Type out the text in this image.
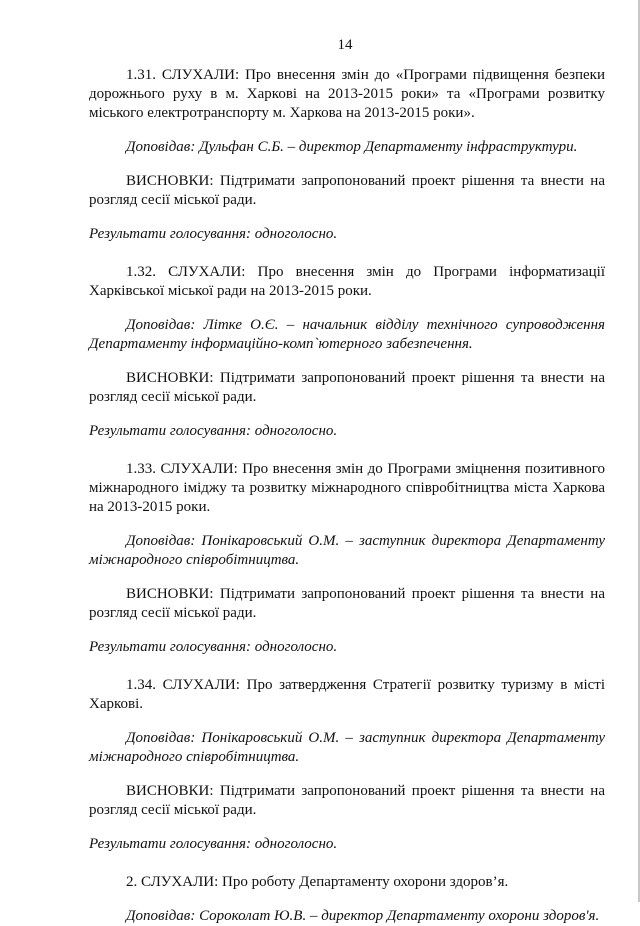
14

1.31. СЛУХАЛИ: Про внесення змін до «Програми підвищення безпеки дорожнього руху в м. Харкові на 2013-2015 роки» та «Програми розвитку міського електротранспорту м. Харкова на 2013-2015 роки».

Доповідав: Дульфан С.Б. – директор Департаменту інфраструктури.

ВИСНОВКИ: Підтримати запропонований проект рішення та внести на розгляд сесії міської ради.

Результати голосування: одноголосно.

1.32. СЛУХАЛИ: Про внесення змін до Програми інформатизації Харківської міської ради на 2013-2015 роки.

Доповідав: Літке О.Є. – начальник відділу технічного супроводження Департаменту інформаційно-комп`ютерного забезпечення.

ВИСНОВКИ: Підтримати запропонований проект рішення та внести на розгляд сесії міської ради.

Результати голосування: одноголосно.

1.33. СЛУХАЛИ: Про внесення змін до Програми зміцнення позитивного міжнародного іміджу та розвитку міжнародного співробітництва міста Харкова на 2013-2015 роки.

Доповідав: Понікаровський О.М. – заступник директора Департаменту міжнародного співробітництва.

ВИСНОВКИ: Підтримати запропонований проект рішення та внести на розгляд сесії міської ради.

Результати голосування: одноголосно.

1.34. СЛУХАЛИ: Про затвердження Стратегії розвитку туризму в місті Харкові.

Доповідав: Понікаровський О.М. – заступник директора Департаменту міжнародного співробітництва.

ВИСНОВКИ: Підтримати запропонований проект рішення та внести на розгляд сесії міської ради.

Результати голосування: одноголосно.

2. СЛУХАЛИ: Про роботу Департаменту охорони здоров’я.

Доповідав: Сороколат Ю.В. – директор Департаменту охорони здоров'я.
